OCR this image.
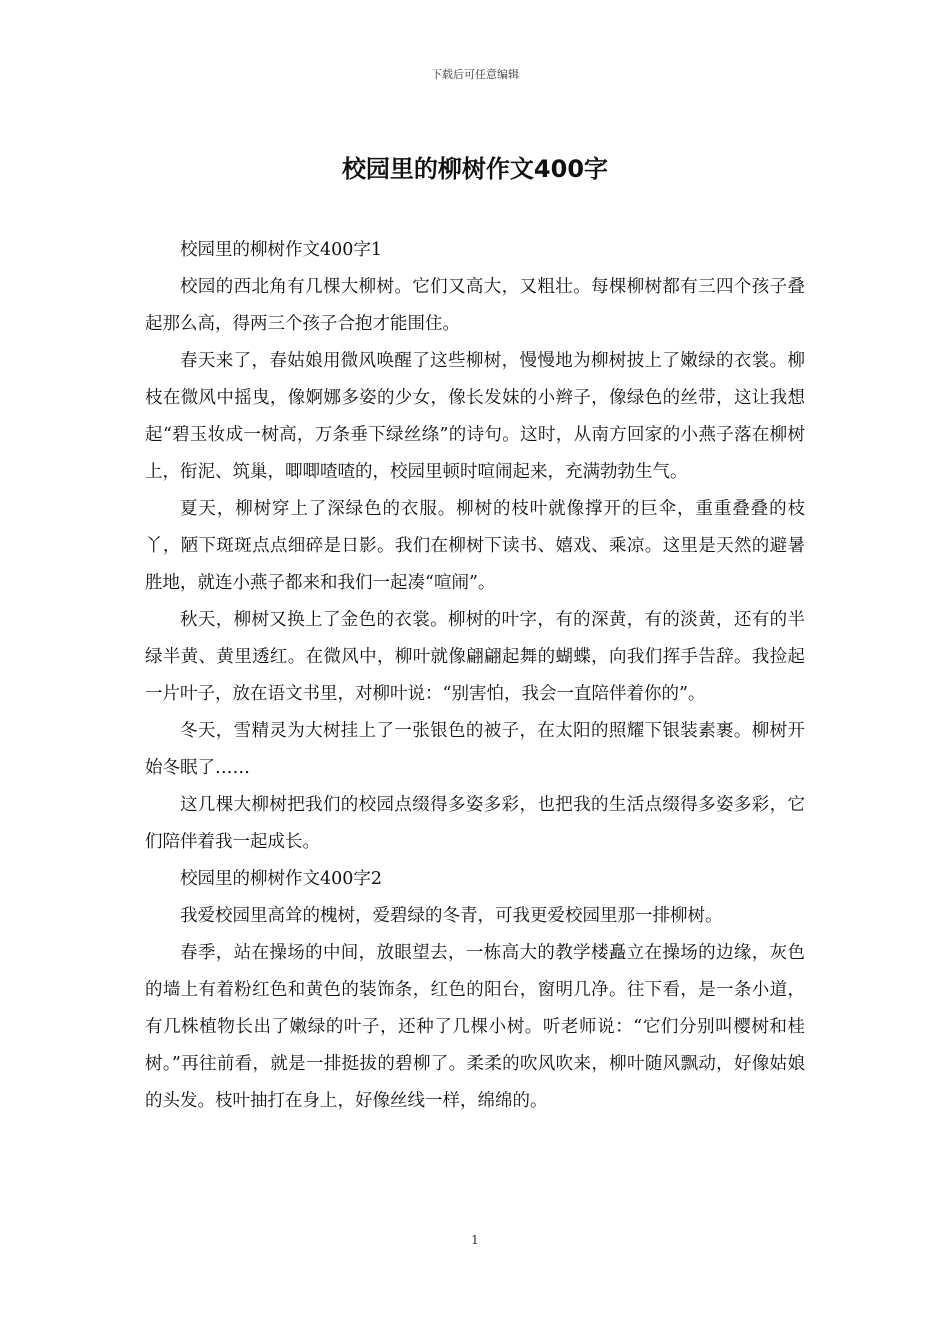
下载后可任意编辑
校园里的柳树作文400字

校园里的柳树作文400字1

校园的西北角有几棵大柳树。它们又高大，又粗壮。每棵柳树都有三四个孩子叠起那么高，得两三个孩子合抱才能围住。

春天来了，春姑娘用微风唤醒了这些柳树，慢慢地为柳树披上了嫩绿的衣裳。柳枝在微风中摇曳，像婀娜多姿的少女，像长发妹的小辫子，像绿色的丝带，这让我想起“碧玉妆成一树高，万条垂下绿丝绦”的诗句。这时，从南方回家的小燕子落在柳树上，衔泥、筑巢，唧唧喳喳的，校园里顿时喧闹起来，充满勃勃生气。

夏天，柳树穿上了深绿色的衣服。柳树的枝叶就像撑开的巨伞，重重叠叠的枝丫，陋下斑斑点点细碎是日影。我们在柳树下读书、嬉戏、乘凉。这里是天然的避暑胜地，就连小燕子都来和我们一起凑“喧闹”。

秋天，柳树又换上了金色的衣裳。柳树的叶字，有的深黄，有的淡黄，还有的半绿半黄、黄里透红。在微风中，柳叶就像翩翩起舞的蝴蝶，向我们挥手告辞。我捡起一片叶子，放在语文书里，对柳叶说：“别害怕，我会一直陪伴着你的”。

冬天，雪精灵为大树挂上了一张银色的被子，在太阳的照耀下银装素裹。柳树开始冬眠了……

这几棵大柳树把我们的校园点缀得多姿多彩，也把我的生活点缀得多姿多彩，它们陪伴着我一起成长。

校园里的柳树作文400字2

我爱校园里高耸的槐树，爱碧绿的冬青，可我更爱校园里那一排柳树。

春季，站在操场的中间，放眼望去，一栋高大的教学楼矗立在操场的边缘，灰色的墙上有着粉红色和黄色的装饰条，红色的阳台，窗明几净。往下看，是一条小道，有几株植物长出了嫩绿的叶子，还种了几棵小树。听老师说：“它们分别叫樱树和桂树。”再往前看，就是一排挺拔的碧柳了。柔柔的吹风吹来，柳叶随风飘动，好像姑娘的头发。枝叶抽打在身上，好像丝线一样，绵绵的。

1
